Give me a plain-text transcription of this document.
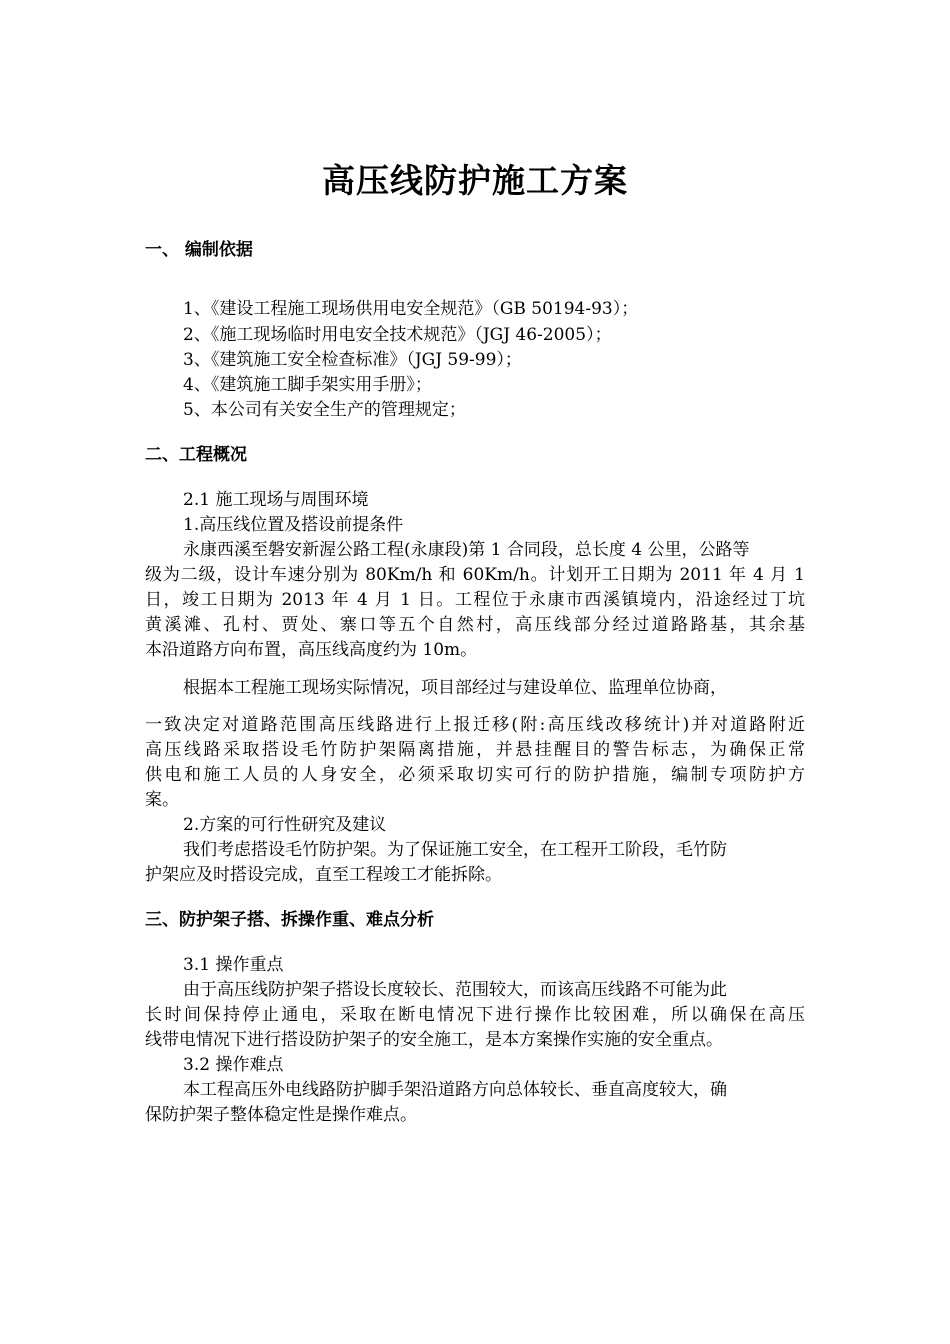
高压线防护施工方案
一、 编制依据
1、《建设工程施工现场供用电安全规范》（GB 50194-93）；
2、《施工现场临时用电安全技术规范》（JGJ 46-2005）；
3、《建筑施工安全检查标准》（JGJ 59-99）；
4、《建筑施工脚手架实用手册》；
5、本公司有关安全生产的管理规定；
二、工程概况
2.1 施工现场与周围环境
1.高压线位置及搭设前提条件
永康西溪至磐安新渥公路工程(永康段)第 1 合同段，总长度 4 公里，公路等
级为二级，设计车速分别为 80Km/h 和 60Km/h。计划开工日期为 2011 年 4 月 1
日，竣工日期为 2013 年 4 月 1 日。工程位于永康市西溪镇境内，沿途经过丁坑
黄溪滩、孔村、贾处、寨口等五个自然村，高压线部分经过道路路基，其余基
本沿道路方向布置，高压线高度约为 10m。
根据本工程施工现场实际情况，项目部经过与建设单位、监理单位协商，
一致决定对道路范围高压线路进行上报迁移(附:高压线改移统计)并对道路附近
高压线路采取搭设毛竹防护架隔离措施，并悬挂醒目的警告标志，为确保正常
供电和施工人员的人身安全，必须采取切实可行的防护措施，编制专项防护方
案。
2.方案的可行性研究及建议
我们考虑搭设毛竹防护架。为了保证施工安全，在工程开工阶段，毛竹防
护架应及时搭设完成，直至工程竣工才能拆除。
三、防护架子搭、拆操作重、难点分析
3.1 操作重点
由于高压线防护架子搭设长度较长、范围较大，而该高压线路不可能为此
长时间保持停止通电，采取在断电情况下进行操作比较困难，所以确保在高压
线带电情况下进行搭设防护架子的安全施工，是本方案操作实施的安全重点。
3.2 操作难点
本工程高压外电线路防护脚手架沿道路方向总体较长、垂直高度较大，确
保防护架子整体稳定性是操作难点。
